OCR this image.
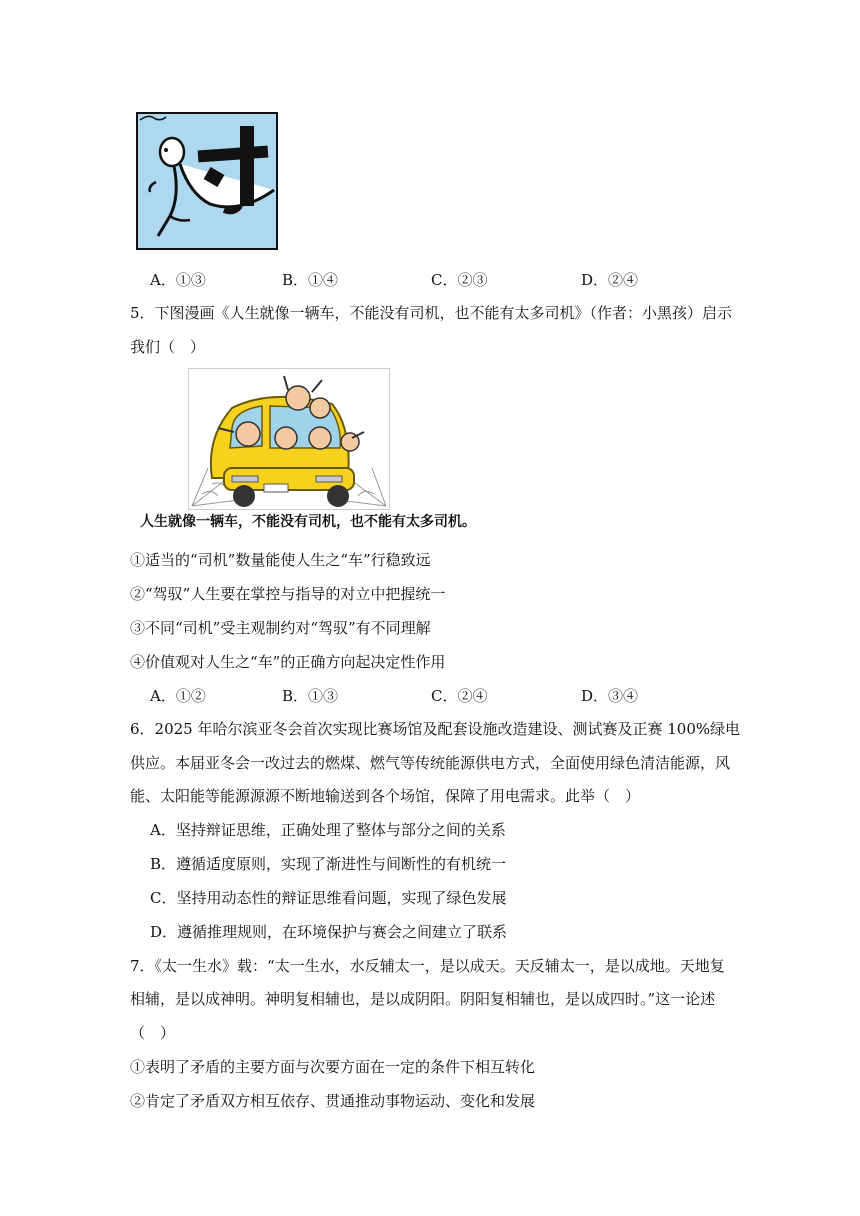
A．①③	B．①④	C．②③	D．②④
5．下图漫画《人生就像一辆车，不能没有司机，也不能有太多司机》（作者：小黑孩）启示
我们（　）
人生就像一辆车，不能没有司机，也不能有太多司机。
①适当的“司机”数量能使人生之“车”行稳致远
②“驾驭”人生要在掌控与指导的对立中把握统一
③不同“司机”受主观制约对“驾驭”有不同理解
④价值观对人生之“车”的正确方向起决定性作用
A．①②	B．①③	C．②④	D．③④
6．2025 年哈尔滨亚冬会首次实现比赛场馆及配套设施改造建设、测试赛及正赛 100%绿电
供应。本届亚冬会一改过去的燃煤、燃气等传统能源供电方式，全面使用绿色清洁能源，风
能、太阳能等能源源源不断地输送到各个场馆，保障了用电需求。此举（　）
A．坚持辩证思维，正确处理了整体与部分之间的关系
B．遵循适度原则，实现了渐进性与间断性的有机统一
C．坚持用动态性的辩证思维看问题，实现了绿色发展
D．遵循推理规则，在环境保护与赛会之间建立了联系
7．《太一生水》载：“太一生水，水反辅太一，是以成天。天反辅太一，是以成地。天地复
相辅，是以成神明。神明复相辅也，是以成阴阳。阴阳复相辅也，是以成四时。”这一论述
（　）
①表明了矛盾的主要方面与次要方面在一定的条件下相互转化
②肯定了矛盾双方相互依存、贯通推动事物运动、变化和发展
